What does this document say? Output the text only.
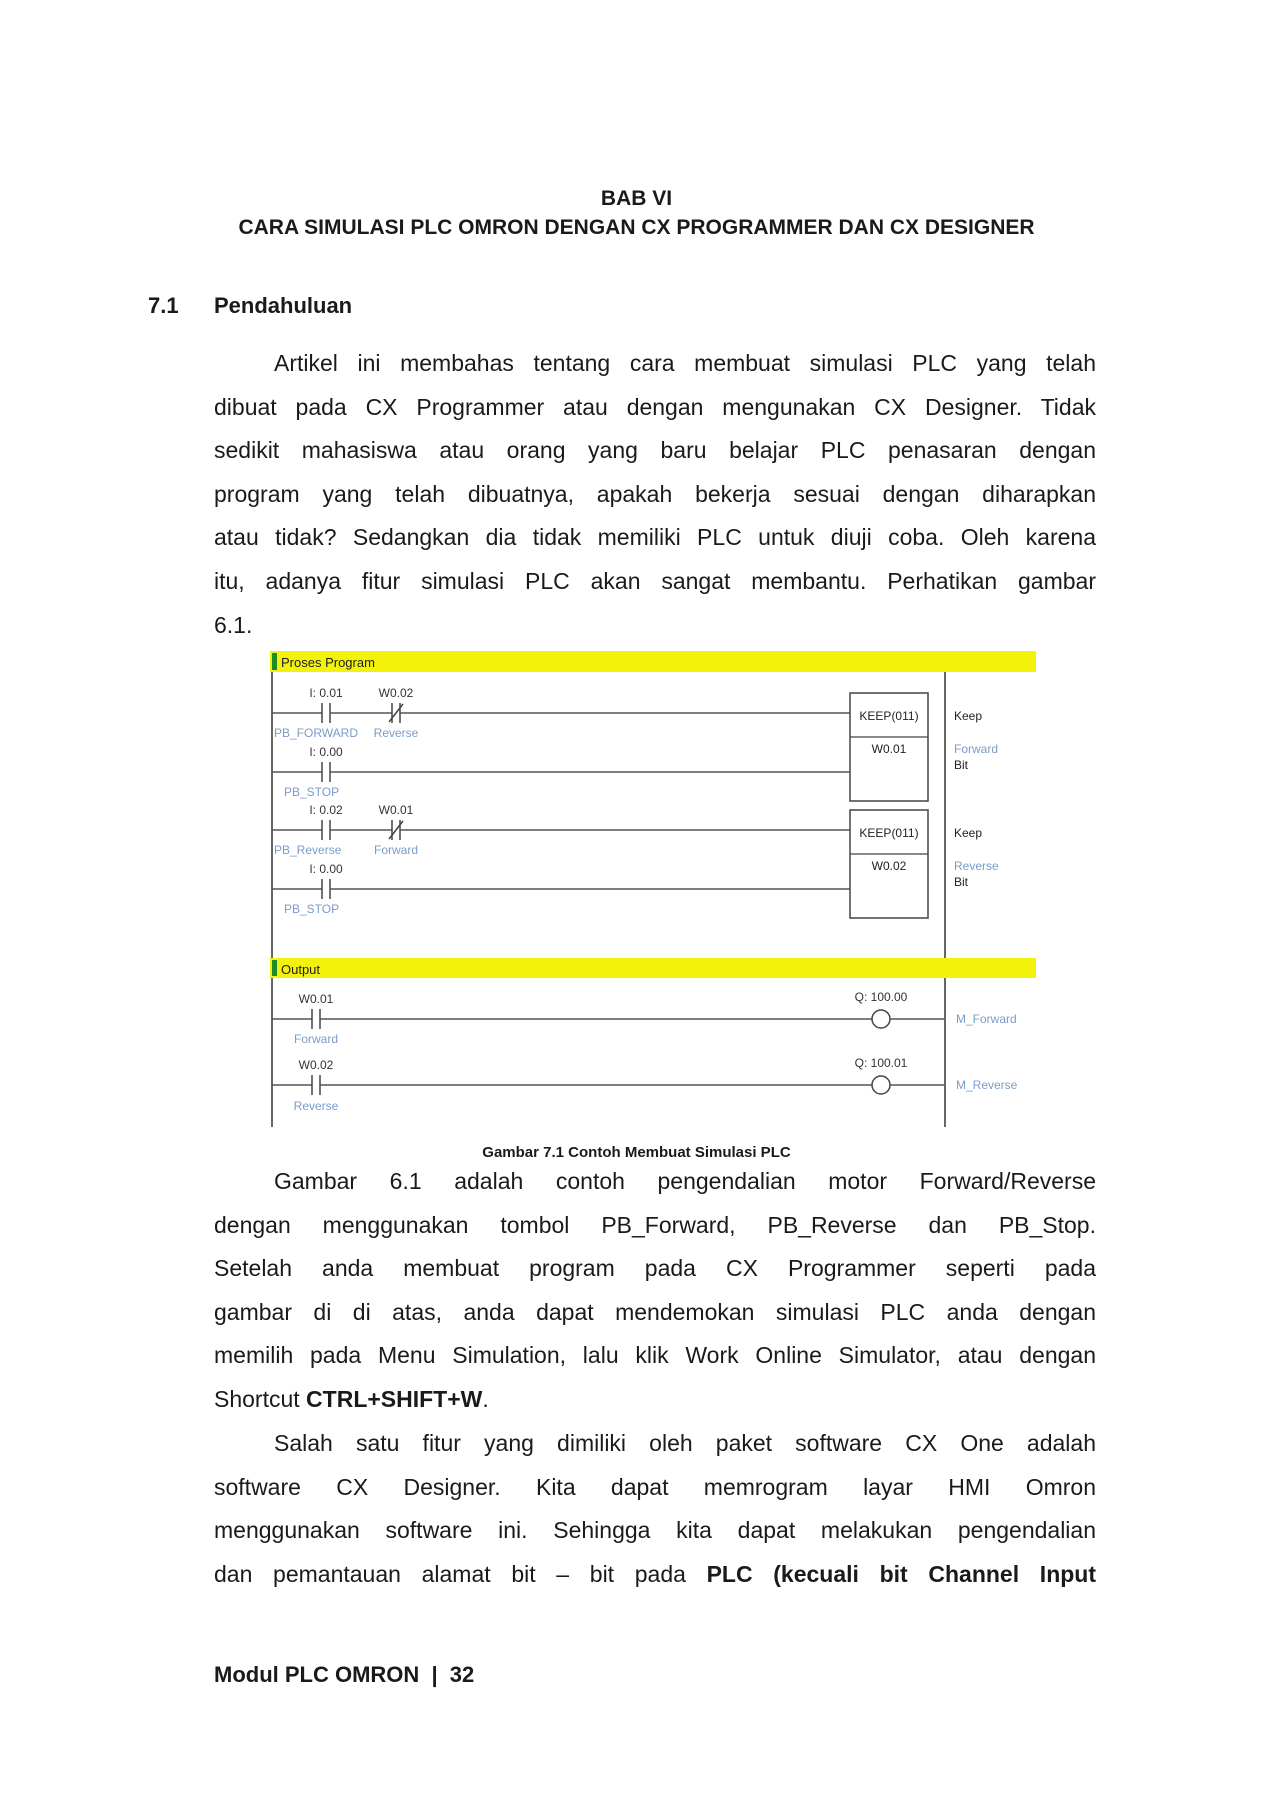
BAB VI
CARA SIMULASI PLC OMRON DENGAN CX PROGRAMMER DAN CX DESIGNER
7.1 Pendahuluan
Artikel ini membahas tentang cara membuat simulasi PLC yang telah
dibuat pada CX Programmer atau dengan mengunakan CX Designer. Tidak
sedikit mahasiswa atau orang yang baru belajar PLC penasaran dengan
program yang telah dibuatnya, apakah bekerja sesuai dengan diharapkan
atau tidak? Sedangkan dia tidak memiliki PLC untuk diuji coba. Oleh karena
itu, adanya fitur simulasi PLC akan sangat membantu. Perhatikan gambar
6.1.
Proses Program
Output
I: 0.01
PB_FORWARD
W0.02
Reverse
I: 0.00
PB_STOP
KEEP(011)
W0.01
Keep
Forward
Bit
I: 0.02
PB_Reverse
W0.01
Forward
I: 0.00
PB_STOP
KEEP(011)
W0.02
Keep
Reverse
Bit
W0.01
Forward
Q: 100.00
M_Forward
W0.02
Reverse
Q: 100.01
M_Reverse
Gambar 7.1 Contoh Membuat Simulasi PLC
Gambar 6.1 adalah contoh pengendalian motor Forward/Reverse
dengan menggunakan tombol PB_Forward, PB_Reverse dan PB_Stop.
Setelah anda membuat program pada CX Programmer seperti pada
gambar di di atas, anda dapat mendemokan simulasi PLC anda dengan
memilih pada Menu Simulation, lalu klik Work Online Simulator, atau dengan
Shortcut CTRL+SHIFT+W.
Salah satu fitur yang dimiliki oleh paket software CX One adalah
software CX Designer. Kita dapat memrogram layar HMI Omron
menggunakan software ini. Sehingga kita dapat melakukan pengendalian
dan pemantauan alamat bit – bit pada PLC (kecuali bit Channel Input
Modul PLC OMRON | 32
